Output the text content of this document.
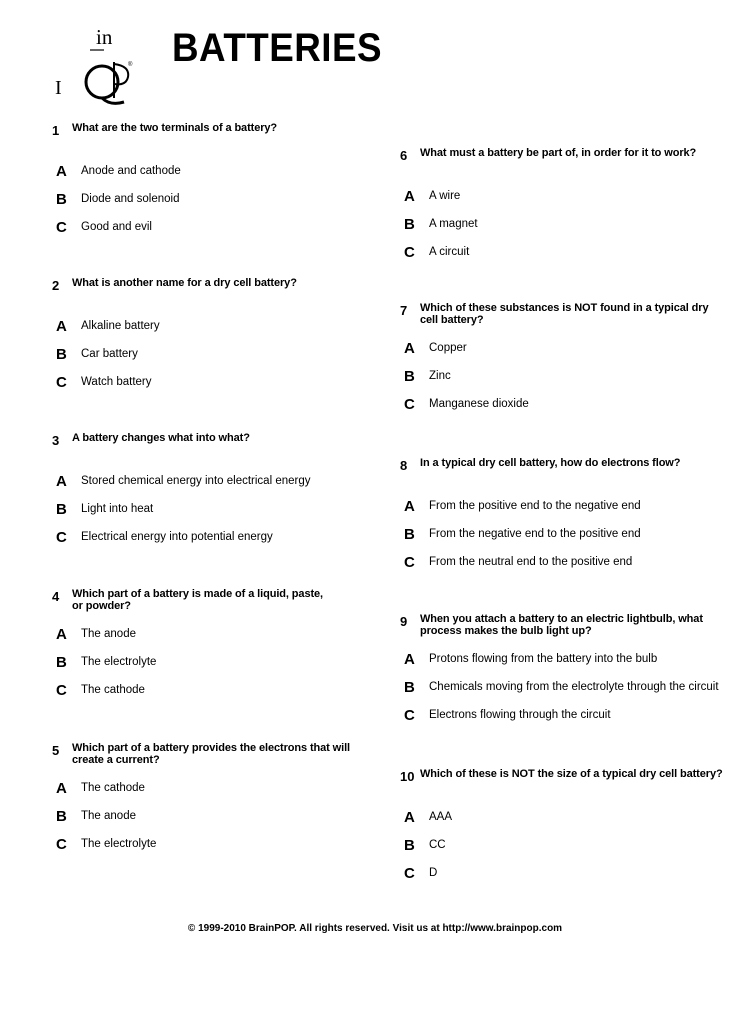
in
I
® BATTERIES
1	What are the two terminals of a battery?
A	Anode and cathode
B	Diode and solenoid
C	Good and evil
2	What is another name for a dry cell battery?
A	Alkaline battery
B	Car battery
C	Watch battery
3	A battery changes what into what?
A	Stored chemical energy into electrical energy
B	Light into heat
C	Electrical energy into potential energy
4	Which part of a battery is made of a liquid, paste, or powder?
A	The anode
B	The electrolyte
C	The cathode
5	Which part of a battery provides the electrons that will create a current?
A	The cathode
B	The anode
C	The electrolyte
6	What must a battery be part of, in order for it to work?
A	A wire
B	A magnet
C	A circuit
7	Which of these substances is NOT found in a typical dry cell battery?
A	Copper
B	Zinc
C	Manganese dioxide
8	In a typical dry cell battery, how do electrons flow?
A	From the positive end to the negative end
B	From the negative end to the positive end
C	From the neutral end to the positive end
9	When you attach a battery to an electric lightbulb, what process makes the bulb light up?
A	Protons flowing from the battery into the bulb
B	Chemicals moving from the electrolyte through the circuit
C	Electrons flowing through the circuit
10 Which of these is NOT the size of a typical dry cell battery?
A	AAA
B	CC
C	D
© 1999-2010 BrainPOP. All rights reserved. Visit us at http://www.brainpop.com
